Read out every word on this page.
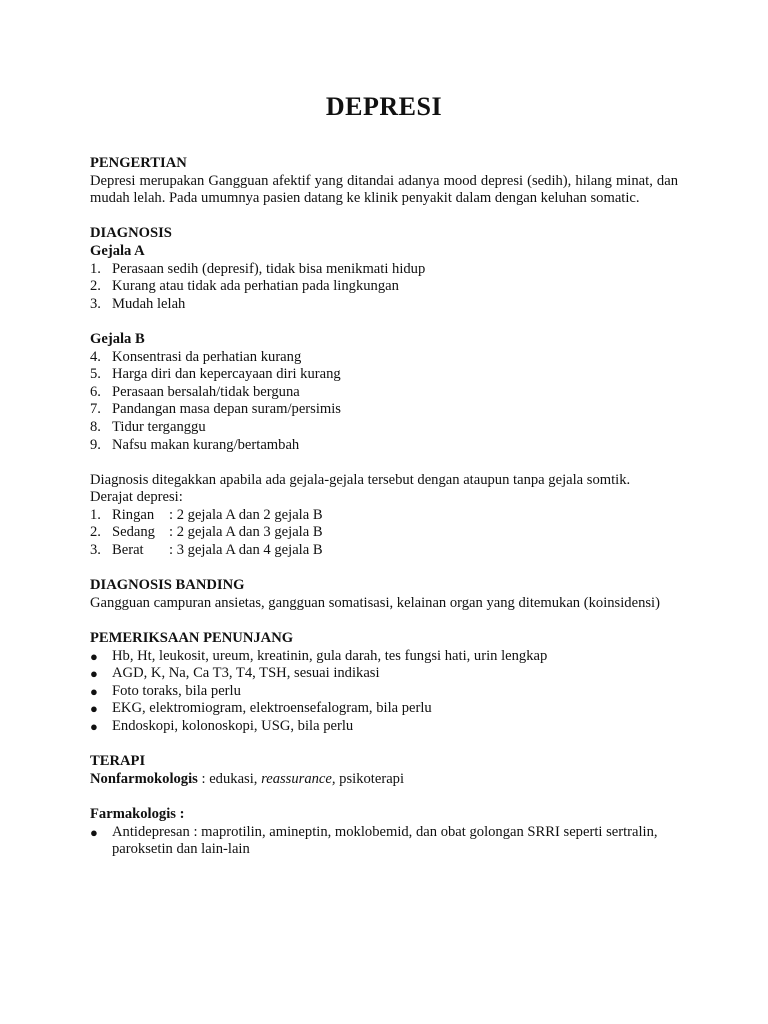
DEPRESI

PENGERTIAN

Depresi merupakan Gangguan afektif yang ditandai adanya mood depresi (sedih), hilang minat, dan mudah lelah. Pada umumnya pasien datang ke klinik penyakit dalam dengan keluhan somatic.

DIAGNOSIS

Gejala A

1. Perasaan sedih (depresif), tidak bisa menikmati hidup
2. Kurang atau tidak ada perhatian pada lingkungan
3. Mudah lelah

Gejala B

4. Konsentrasi da perhatian kurang
5. Harga diri dan kepercayaan diri kurang
6. Perasaan bersalah/tidak berguna
7. Pandangan masa depan suram/persimis
8. Tidur terganggu
9. Nafsu makan kurang/bertambah

Diagnosis ditegakkan apabila ada gejala-gejala tersebut dengan ataupun tanpa gejala somtik.

Derajat depresi:

1. Ringan : 2 gejala A dan 2 gejala B
2. Sedang : 2 gejala A dan 3 gejala B
3. Berat : 3 gejala A dan 4 gejala B

DIAGNOSIS BANDING

Gangguan campuran ansietas, gangguan somatisasi, kelainan organ yang ditemukan (koinsidensi)

PEMERIKSAAN PENUNJANG

● Hb, Ht, leukosit, ureum, kreatinin, gula darah, tes fungsi hati, urin lengkap
● AGD, K, Na, Ca T3, T4, TSH, sesuai indikasi
● Foto toraks, bila perlu
● EKG, elektromiogram, elektroensefalogram, bila perlu
● Endoskopi, kolonoskopi, USG, bila perlu

TERAPI

Nonfarmokologis : edukasi, reassurance, psikoterapi

Farmakologis :

● Antidepresan : maprotilin, amineptin, moklobemid, dan obat golongan SRRI seperti sertralin, paroksetin dan lain-lain
